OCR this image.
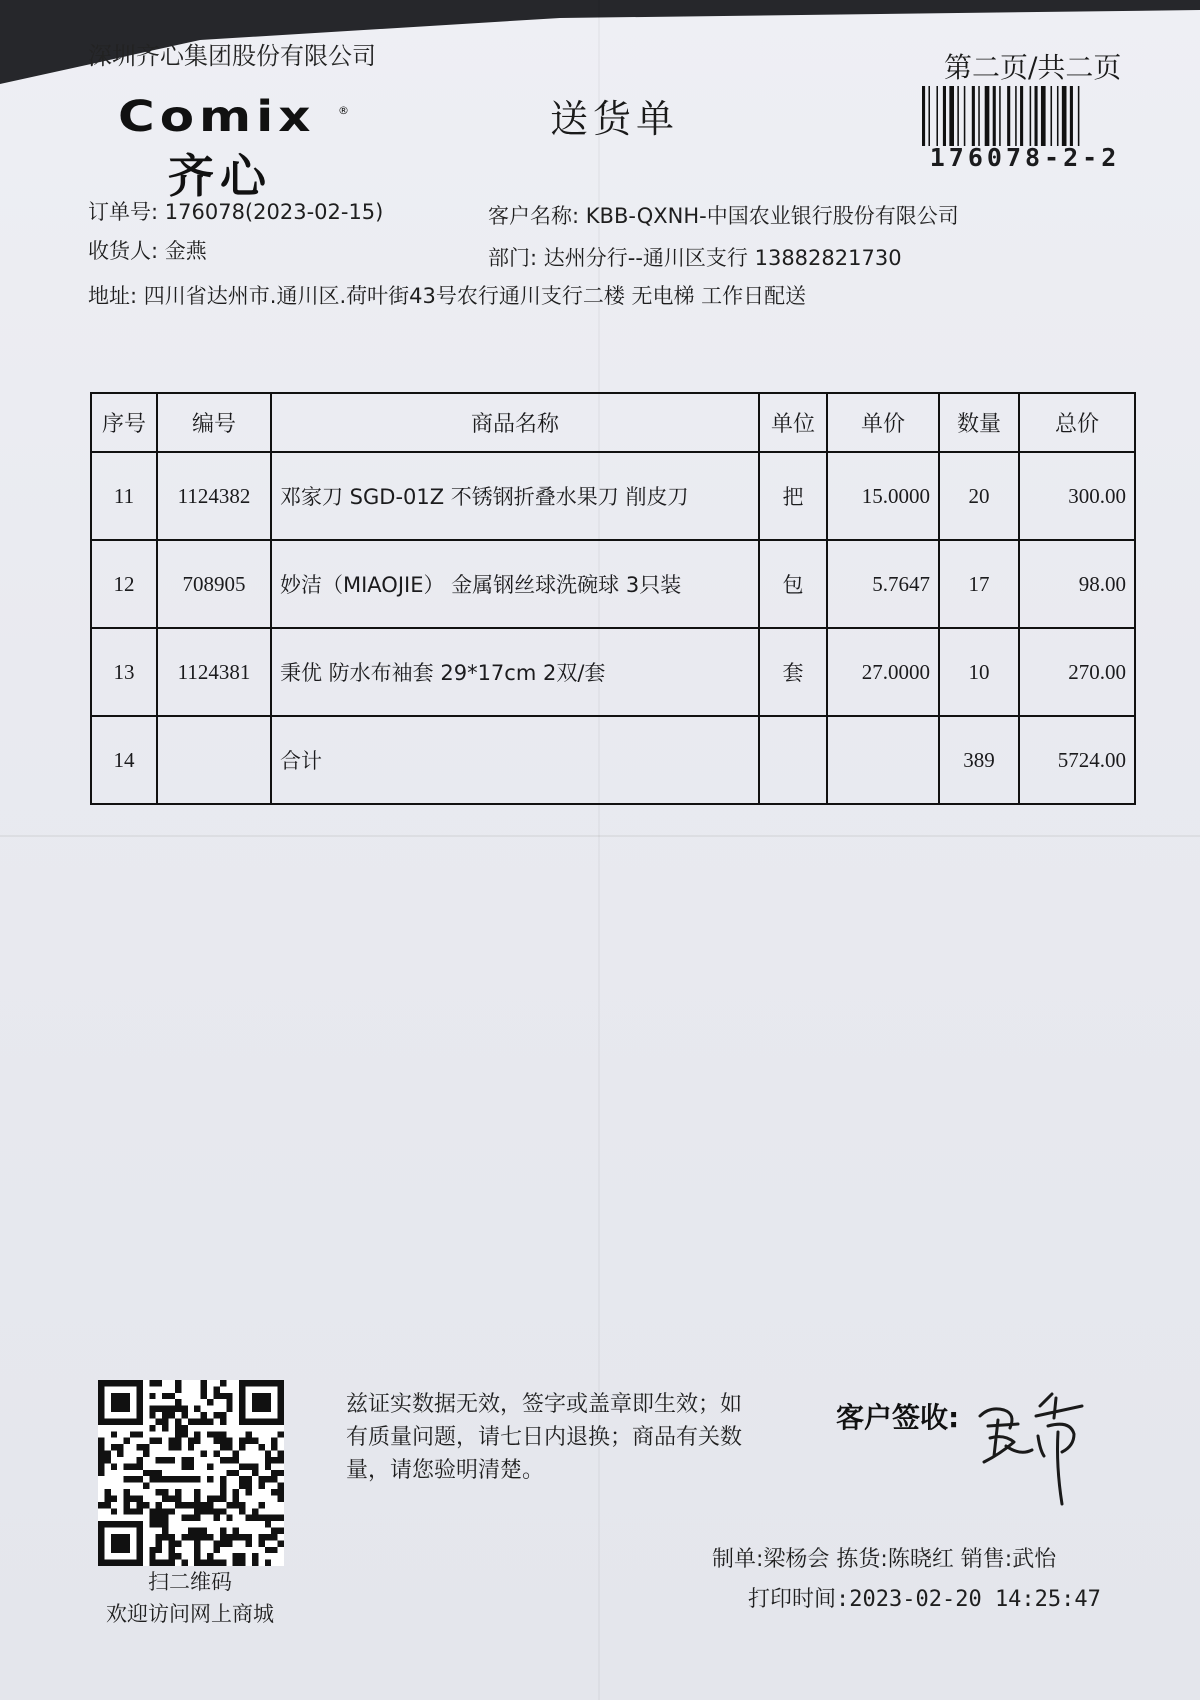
深圳齐心集团股份有限公司
Comix ®
齐心
送货单
第二页/共二页
176078-2-2
订单号: 176078(2023-02-15)	客户名称: KBB-QXNH-中国农业银行股份有限公司
收货人: 金燕	部门: 达州分行--通川区支行 13882821730
地址: 四川省达州市.通川区.荷叶街43号农行通川支行二楼 无电梯 工作日配送
序号	编号	商品名称	单位	单价	数量	总价
11	1124382	邓家刀 SGD-01Z 不锈钢折叠水果刀 削皮刀	把	15.0000	20	300.00
12	708905	妙洁（MIAOJIE） 金属钢丝球洗碗球 3只装	包	5.7647	17	98.00
13	1124381	秉优 防水布袖套 29*17cm 2双/套	套	27.0000	10	270.00
14		合计			389	5724.00
扫二维码
欢迎访问网上商城
兹证实数据无效，签字或盖章即生效；如有质量问题，请七日内退换；商品有关数量，请您验明清楚。
客户签收:
制单:梁杨会 拣货:陈晓红 销售:武怡
打印时间:2023-02-20 14:25:47
